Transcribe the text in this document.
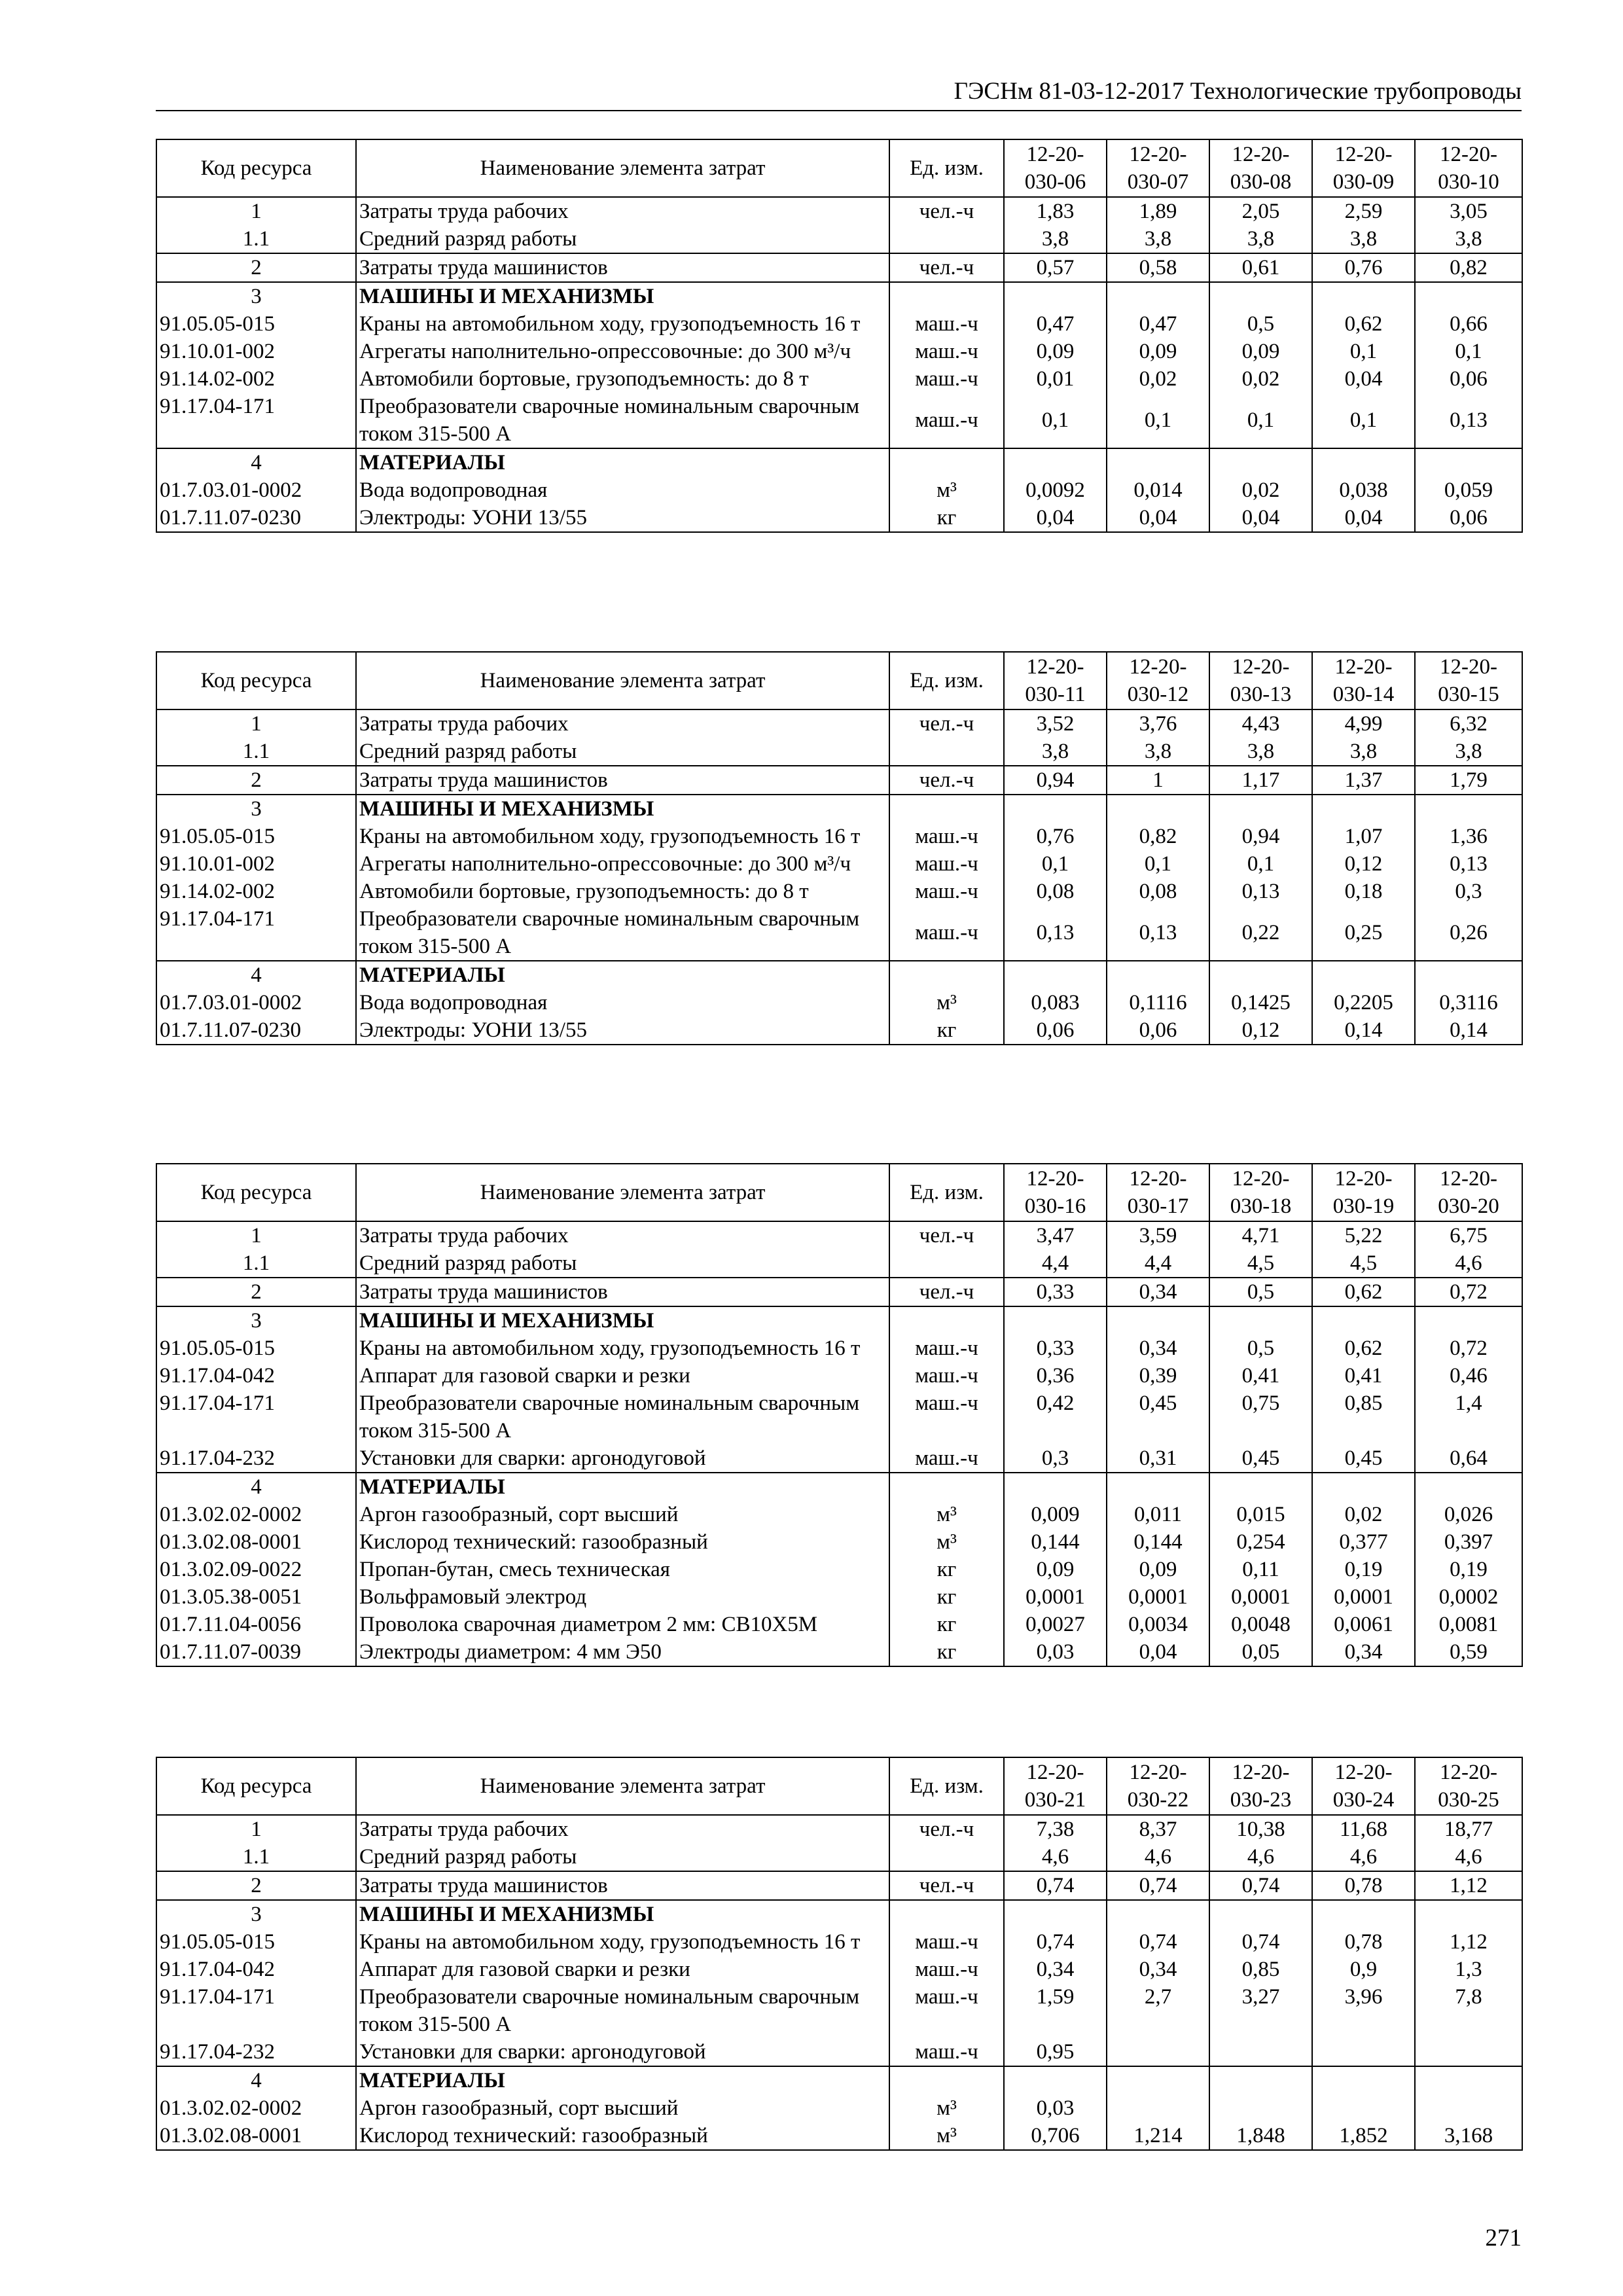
ГЭСНм 81-03-12-2017 Технологические трубопроводы
Код ресурса	Наименование элемента затрат	Ед. изм.	12-20-
030-06	12-20-
030-07	12-20-
030-08	12-20-
030-09	12-20-
030-10
1	Затраты труда рабочих	чел.-ч	1,83	1,89	2,05	2,59	3,05
1.1	Средний разряд работы		3,8	3,8	3,8	3,8	3,8
2	Затраты труда машинистов	чел.-ч	0,57	0,58	0,61	0,76	0,82
3	МАШИНЫ И МЕХАНИЗМЫ						
91.05.05-015	Краны на автомобильном ходу, грузоподъемность 16 т	маш.-ч	0,47	0,47	0,5	0,62	0,66
91.10.01-002	Агрегаты наполнительно-опрессовочные: до 300 м³/ч	маш.-ч	0,09	0,09	0,09	0,1	0,1
91.14.02-002	Автомобили бортовые, грузоподъемность: до 8 т	маш.-ч	0,01	0,02	0,02	0,04	0,06
91.17.04-171	Преобразователи сварочные номинальным сварочным током 315-500 А	маш.-ч	0,1	0,1	0,1	0,1	0,13
4	МАТЕРИАЛЫ						
01.7.03.01-0002	Вода водопроводная	м³	0,0092	0,014	0,02	0,038	0,059
01.7.11.07-0230	Электроды: УОНИ 13/55	кг	0,04	0,04	0,04	0,04	0,06
Код ресурса	Наименование элемента затрат	Ед. изм.	12-20-
030-11	12-20-
030-12	12-20-
030-13	12-20-
030-14	12-20-
030-15
1	Затраты труда рабочих	чел.-ч	3,52	3,76	4,43	4,99	6,32
1.1	Средний разряд работы		3,8	3,8	3,8	3,8	3,8
2	Затраты труда машинистов	чел.-ч	0,94	1	1,17	1,37	1,79
3	МАШИНЫ И МЕХАНИЗМЫ						
91.05.05-015	Краны на автомобильном ходу, грузоподъемность 16 т	маш.-ч	0,76	0,82	0,94	1,07	1,36
91.10.01-002	Агрегаты наполнительно-опрессовочные: до 300 м³/ч	маш.-ч	0,1	0,1	0,1	0,12	0,13
91.14.02-002	Автомобили бортовые, грузоподъемность: до 8 т	маш.-ч	0,08	0,08	0,13	0,18	0,3
91.17.04-171	Преобразователи сварочные номинальным сварочным током 315-500 А	маш.-ч	0,13	0,13	0,22	0,25	0,26
4	МАТЕРИАЛЫ						
01.7.03.01-0002	Вода водопроводная	м³	0,083	0,1116	0,1425	0,2205	0,3116
01.7.11.07-0230	Электроды: УОНИ 13/55	кг	0,06	0,06	0,12	0,14	0,14
Код ресурса	Наименование элемента затрат	Ед. изм.	12-20-
030-16	12-20-
030-17	12-20-
030-18	12-20-
030-19	12-20-
030-20
1	Затраты труда рабочих	чел.-ч	3,47	3,59	4,71	5,22	6,75
1.1	Средний разряд работы		4,4	4,4	4,5	4,5	4,6
2	Затраты труда машинистов	чел.-ч	0,33	0,34	0,5	0,62	0,72
3	МАШИНЫ И МЕХАНИЗМЫ						
91.05.05-015	Краны на автомобильном ходу, грузоподъемность 16 т	маш.-ч	0,33	0,34	0,5	0,62	0,72
91.17.04-042	Аппарат для газовой сварки и резки	маш.-ч	0,36	0,39	0,41	0,41	0,46
91.17.04-171	Преобразователи сварочные номинальным сварочным током 315-500 А	маш.-ч	0,42	0,45	0,75	0,85	1,4
91.17.04-232	Установки для сварки: аргонодуговой	маш.-ч	0,3	0,31	0,45	0,45	0,64
4	МАТЕРИАЛЫ						
01.3.02.02-0002	Аргон газообразный, сорт высший	м³	0,009	0,011	0,015	0,02	0,026
01.3.02.08-0001	Кислород технический: газообразный	м³	0,144	0,144	0,254	0,377	0,397
01.3.02.09-0022	Пропан-бутан, смесь техническая	кг	0,09	0,09	0,11	0,19	0,19
01.3.05.38-0051	Вольфрамовый электрод	кг	0,0001	0,0001	0,0001	0,0001	0,0002
01.7.11.04-0056	Проволока сварочная диаметром 2 мм: СВ10Х5М	кг	0,0027	0,0034	0,0048	0,0061	0,0081
01.7.11.07-0039	Электроды диаметром: 4 мм Э50	кг	0,03	0,04	0,05	0,34	0,59
Код ресурса	Наименование элемента затрат	Ед. изм.	12-20-
030-21	12-20-
030-22	12-20-
030-23	12-20-
030-24	12-20-
030-25
1	Затраты труда рабочих	чел.-ч	7,38	8,37	10,38	11,68	18,77
1.1	Средний разряд работы		4,6	4,6	4,6	4,6	4,6
2	Затраты труда машинистов	чел.-ч	0,74	0,74	0,74	0,78	1,12
3	МАШИНЫ И МЕХАНИЗМЫ						
91.05.05-015	Краны на автомобильном ходу, грузоподъемность 16 т	маш.-ч	0,74	0,74	0,74	0,78	1,12
91.17.04-042	Аппарат для газовой сварки и резки	маш.-ч	0,34	0,34	0,85	0,9	1,3
91.17.04-171	Преобразователи сварочные номинальным сварочным током 315-500 А	маш.-ч	1,59	2,7	3,27	3,96	7,8
91.17.04-232	Установки для сварки: аргонодуговой	маш.-ч	0,95				
4	МАТЕРИАЛЫ						
01.3.02.02-0002	Аргон газообразный, сорт высший	м³	0,03				
01.3.02.08-0001	Кислород технический: газообразный	м³	0,706	1,214	1,848	1,852	3,168
271
